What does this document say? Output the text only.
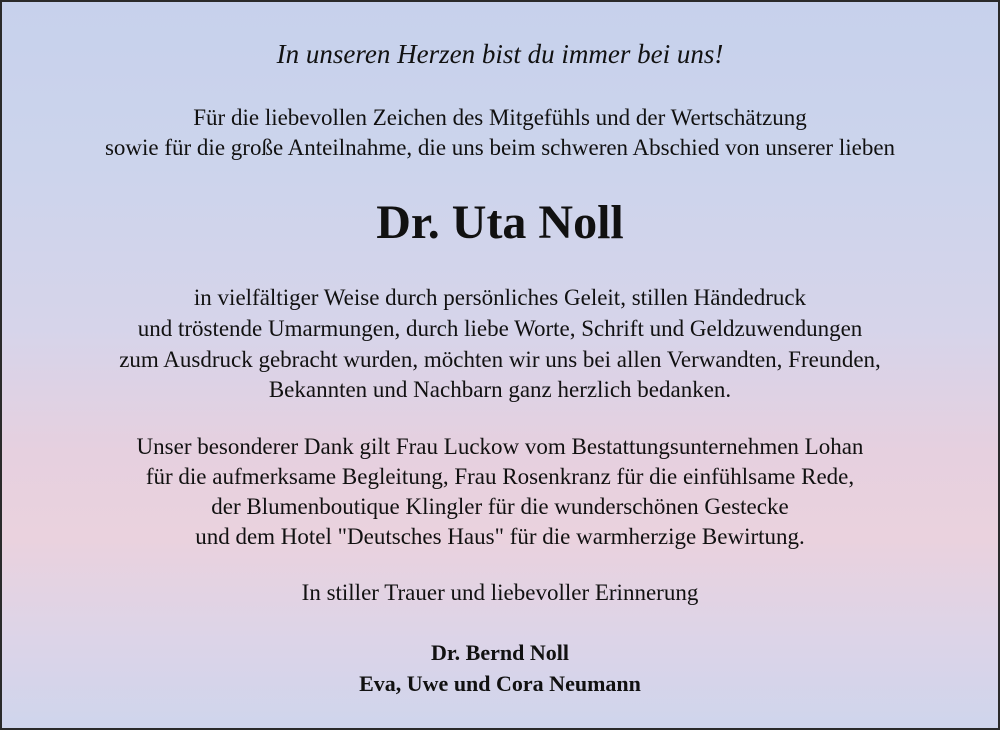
In unseren Herzen bist du immer bei uns!
Für die liebevollen Zeichen des Mitgefühls und der Wertschätzung
sowie für die große Anteilnahme, die uns beim schweren Abschied von unserer lieben
Dr. Uta Noll
in vielfältiger Weise durch persönliches Geleit, stillen Händedruck
und tröstende Umarmungen, durch liebe Worte, Schrift und Geldzuwendungen
zum Ausdruck gebracht wurden, möchten wir uns bei allen Verwandten, Freunden,
Bekannten und Nachbarn ganz herzlich bedanken.
Unser besonderer Dank gilt Frau Luckow vom Bestattungsunternehmen Lohan
für die aufmerksame Begleitung, Frau Rosenkranz für die einfühlsame Rede,
der Blumenboutique Klingler für die wunderschönen Gestecke
und dem Hotel "Deutsches Haus" für die warmherzige Bewirtung.
In stiller Trauer und liebevoller Erinnerung
Dr. Bernd Noll
Eva, Uwe und Cora Neumann
